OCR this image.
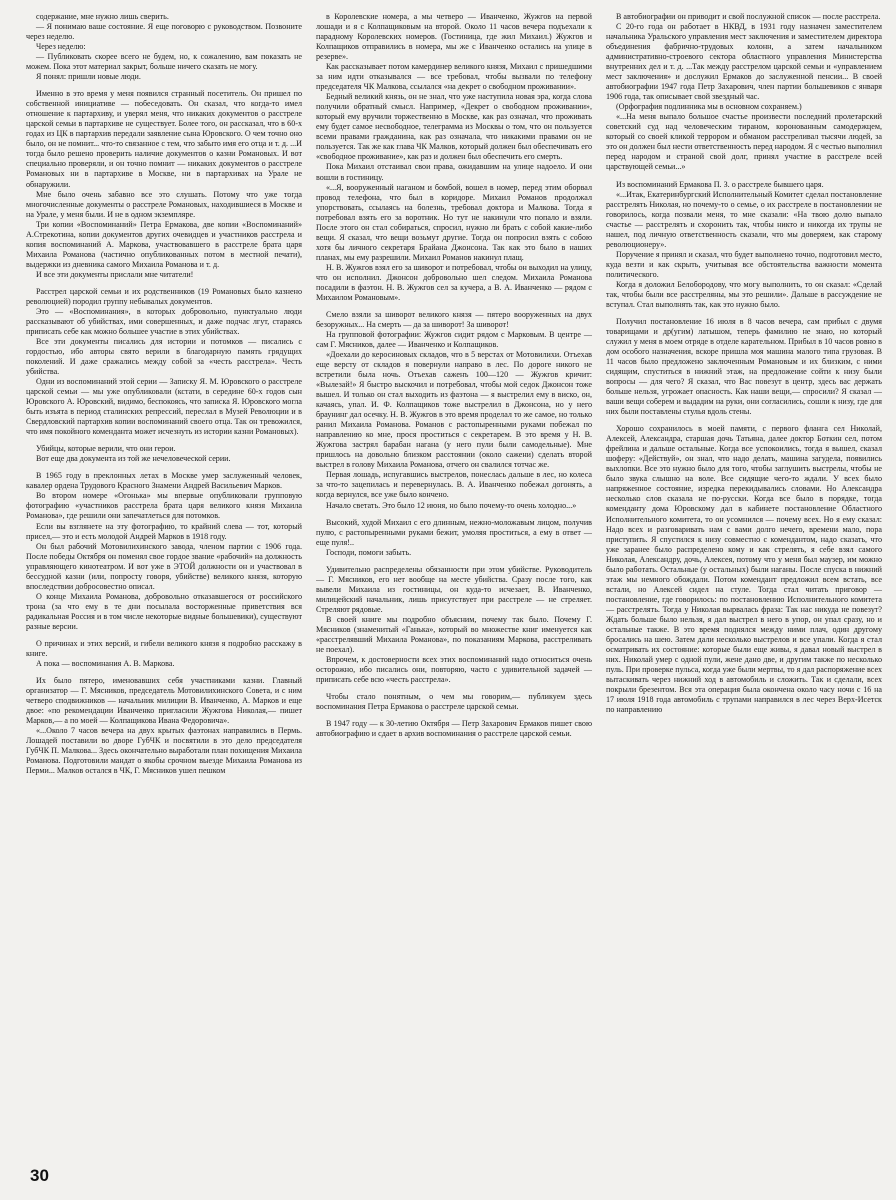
содержание, мне нужно лишь сверить.

— Я понимаю ваше состояние. Я еще поговорю с руководством. Позвоните через неделю.

Через неделю:

— Публиковать скорее всего не будем, но, к сожалению, вам показать не можем. Пока этот материал закрыт, больше ничего сказать не могу.

Я понял: пришли новые люди.

Именно в это время у меня появился странный посетитель. Он пришел по собственной инициативе — побеседовать. Он сказал, что когда-то имел отношение к партархиву, и уверял меня, что никаких документов о расстреле царской семьи в партархиве не существует. Более того, он рассказал, что в 60-х годах из ЦК в партархив передали заявление сына Юровского. О чем точно оно было, он не помнит... что-то связанное с тем, что забыто имя его отца и т. д. ...И тогда было решено проверить наличие документов о казни Романовых. И вот специально проверяли, и он точно помнит — никаких документов о расстреле Романовых ни в партархиве в Москве, ни в партархивах на Урале не обнаружили.

Мне было очень забавно все это слушать. Потому что уже тогда многочисленные документы о расстреле Романовых, находившиеся в Москве и на Урале, у меня были. И не в одном экземпляре.

Три копии «Воспоминаний» Петра Ермакова, две копии «Воспоминаний» А.Стрекотина, копии документов других очевидцев и участников расстрела и копия воспоминаний А. Маркова, участвовавшего в расстреле брата царя Михаила Романова (частично опубликованных потом в местной печати), выдержки из дневника самого Михаила Романова и т. д.

И все эти документы прислали мне читатели!

Расстрел царской семьи и их родственников (19 Романовых было казнено революцией) породил группу небывалых документов.

Это — «Воспоминания», в которых добровольно, пунктуально люди рассказывают об убийствах, ими совершенных, и даже подчас лгут, стараясь приписать себе как можно большее участие в этих убийствах.

Все эти документы писались для истории и потомков — писались с гордостью, ибо авторы свято верили в благодарную память грядущих поколений. И даже сражались между собой за «честь расстрела». Честь убийства.

Одни из воспоминаний этой серии — Записку Я. М. Юровского о расстреле царской семьи — мы уже опубликовали (кстати, в середине 60-х годов сын Юровского А. Юровский, видимо, беспокоясь, что записка Я. Юровского могла быть изъята в период сталинских репрессий, переслал в Музей Революции и в Свердловский партархив копии воспоминаний своего отца. Так он тревожился, что имя покойного коменданта может исчезнуть из истории казни Романовых).

Убийцы, которые верили, что они герои.

Вот еще два документа из той же нечеловеческой серии.

В 1965 году в преклонных летах в Москве умер заслуженный человек, кавалер ордена Трудового Красного Знамени Андрей Васильевич Марков.

Во втором номере «Огонька» мы впервые опубликовали групповую фотографию «участников расстрела брата царя великого князя Михаила Романова», где решили они запечатлеться для потомков.

Если вы взглянете на эту фотографию, то крайний слева — тот, который присел,— это и есть молодой Андрей Марков в 1918 году.

Он был рабочий Мотовилихинского завода, членом партии с 1906 года. После победы Октября он поменял свое гордое звание «рабочий» на должность управляющего кинотеатром. И вот уже в ЭТОЙ должности он и участвовал в бессудной казни (или, попросту говоря, убийстве) великого князя, которую впоследствии добросовестно описал.

О конце Михаила Романова, добровольно отказавшегося от российского трона (за что ему в те дни посылала восторженные приветствия вся радикальная Россия и в том числе некоторые видные большевики), существуют разные версии.

О причинах и этих версий, и гибели великого князя я подробно расскажу в книге.

А пока — воспоминания А. В. Маркова.

Их было пятеро, именовавших себя участниками казни. Главный организатор — Г. Мясников, председатель Мотовилихинского Совета, и с ним четверо сподвижников — начальник милиции В. Иванченко, А. Марков и еще двое: «по рекомендации Иванченко пригласили Жужгова Николая,— пишет Марков,— а по моей — Колпащикова Ивана Федоровича».

«...Около 7 часов вечера на двух крытых фаэтонах направились в Пермь. Лошадей поставили во дворе ГубЧК и посвятили в это дело председателя ГубЧК П. Малкова... Здесь окончательно выработали план похищения Михаила Романова. Подготовили мандат о якобы срочном выезде Михаила Романова из Перми... Малков остался в ЧК, Г. Мясников ушел пешком

в Королевские номера, а мы четверо — Иванченко, Жужгов на первой лошади и я с Колпащиковым на второй. Около 11 часов вечера подъехали к парадному Королевских номеров. (Гостиница, где жил Михаил.) Жужгов и Колпащиков отправились в номера, мы же с Иванченко остались на улице в резерве».

Как рассказывает потом камердинер великого князя, Михаил с пришедшими за ним идти отказывался — все требовал, чтобы вызвали по телефону председателя ЧК Малкова, ссылался «на декрет о свободном проживании».

Бедный великий князь, он не знал, что уже наступила новая эра, когда слова получили обратный смысл. Например, «Декрет о свободном проживании», который ему вручили торжественно в Москве, как раз означал, что проживать ему будет самое несвободное, телеграмма из Москвы о том, что он пользуется всеми правами гражданина, как раз означала, что никакими правами он не пользуется. Так же как глава ЧК Малков, который должен был обеспечивать его «свободное проживание», как раз и должен был обеспечить его смерть.

Пока Михаил отстаивал свои права, ожидавшим на улице надоело. И они вошли в гостиницу.

«...Я, вооруженный наганом и бомбой, вошел в номер, перед этим оборвал провод телефона, что был в коридоре. Михаил Романов продолжал упорствовать, ссылаясь на болезнь, требовал доктора и Малкова. Тогда я потребовал взять его за воротник. Но тут не накинули что попало и взяли. После этого он стал собираться, спросил, нужно ли брать с собой какие-либо вещи. Я сказал, что вещи возьмут другие. Тогда он попросил взять с собою хотя бы личного секретаря Брайана Джонсона. Так как это было в наших планах, мы ему разрешили. Михаил Романов накинул плащ.

Н. В. Жужгов взял его за шиворот и потребовал, чтобы он выходил на улицу, что он исполнил. Джонсон добровольно шел следом. Михаила Романова посадили в фаэтон. Н. В. Жужгов сел за кучера, а В. А. Иванченко — рядом с Михаилом Романовым».

Смело взяли за шиворот великого князя — пятеро вооруженных на двух безоружных... На смерть — да за шиворот! За шиворот!

На групповой фотографии: Жужгов сидит рядом с Марковым. В центре — сам Г. Мясников, далее — Иванченко и Колпащиков.

«Доехали до керосиновых складов, что в 5 верстах от Мотовилихи. Отъехав еще версту от складов я повернули направо в лес. По дороге никого не встретили была ночь. Отъехав саженъ 100—120 — Жужгов кричит: «Вылезай!» Я быстро выскочил и потребовал, чтобы мой седок Джонсон тоже вышел. И только он стал выходить из фаэтона — я выстрелил ему в виско, он, качаясь, упал. И. Ф. Колпащиков тоже выстрелил в Джонсона, но у него браунинг дал осечку. Н. В. Жужгов в это время проделал то же самое, но только ранил Михаила Романова. Романов с растопыренными руками побежал по направлению ко мне, прося проститься с секретарем. В это время у Н. В. Жужгова застрял барабан нагана (у него пули были самодельные). Мне пришлось на довольно близком расстоянии (около сажени) сделать второй выстрел в голову Михаила Романова, отчего он свалился тотчас же.

Первая лошадь, испугавшись выстрелов, понеслась дальше в лес, но колеса за что-то зацепилась и перевернулась. В. А. Иванченко побежал догонять, а когда вернулся, все уже было кончено.

Начало светать. Это было 12 июня, но было почему-то очень холодно...»

Высокий, худой Михаил с его длинным, нежно-моложавым лицом, получив пулю, с растопыренными руками бежит, умоляя проститься, а ему в ответ — еще пуля!..

Господи, помоги забыть.

Удивительно распределены обязанности при этом убийстве. Руководитель — Г. Мясников, его нет вообще на месте убийства. Сразу после того, как вывели Михаила из гостиницы, он куда-то исчезает, В. Иванченко, милицейский начальник, лишь присутствует при расстреле — не стреляет. Стреляют рядовые.

В своей книге мы подробно объясним, почему так было. Почему Г. Мясников (знаменитый «Ганька», который во множестве книг именуется как «расстрелявший Михаила Романова», по показаниям Маркова, расстреливать не поехал).

Впрочем, к достоверности всех этих воспоминаний надо относиться очень осторожно, ибо писались они, повторяю, часто с удивительной задачей — приписать себе всю «честь расстрела».

Чтобы стало понятным, о чем мы говорим,— публикуем здесь воспоминания Петра Ермакова о расстреле царской семьи.

В 1947 году — к 30-летию Октября — Петр Захарович Ермаков пишет свою автобиографию и сдает в архив воспоминания о расстреле царской семьи.

В автобиографии он приводит и свой послужной список — после расстрела.

С 20-го года он работает в НКВД, в 1931 году назначен заместителем начальника Уральского управления мест заключения и заместителем директора объединения фабрично-трудовых колонн, а затем начальником административно-строевого сектора областного управления Министерства внутренних дел и т. д. ...Так между расстрелом царской семьи и «управлением мест заключения» и дослужил Ермаков до заслуженной пенсии... В своей автобиографии 1947 года Петр Захарович, член партии большевиков с января 1906 года, так описывает свой звездный час.

(Орфография подлинника мы в основном сохраняем.)

«...На меня выпало большое счастье произвести последний пролетарский советский суд над человеческим тираном, коронованным самодержцем, который со своей кликой террором и обманом расстреливал тысячи людей, за это он должен был нести ответственность перед народом. Я с честью выполнил перед народом и страной свой долг, принял участие в расстреле всей царствующей семьи...»

Из воспоминаний Ермакова П. З. о расстреле бывшего царя.

«...Итак, Екатеринбургский Исполнительный Комитет сделал постановление расстрелять Николая, но почему-то о семье, о их расстреле в постановлении не говорилось, когда позвали меня, то мне сказали: «На твою долю выпало счастье — расстрелять и схоронить так, чтобы никто и никогда их трупы не нашел, под личную ответственность сказали, что мы доверяем, как старому революционеру».

Поручение я принял и сказал, что будет выполнено точно, подготовил место, куда везти и как скрыть, учитывая все обстоятельства важности момента политического.

Когда я доложил Белобородову, что могу выполнить, то он сказал: «Сделай так, чтобы были все расстреляны, мы это решили». Дальше в рассуждение не вступал. Стал выполнять так, как это нужно было.

Получил постановление 16 июля в 8 часов вечера, сам прибыл с двумя товарищами и др(угим) латышом, теперь фамилию не знаю, но который служил у меня в моем отряде в отделе карательном. Прибыл в 10 часов ровно в дом особого назначения, вскоре пришла моя машина малого типа грузовая. В 11 часов было предложено заключенным Романовым и их близким, с ними сидящим, спуститься в нижний этаж, на предложение сойти к низу были вопросы — для чего? Я сказал, что Вас повезут в центр, здесь вас держать больше нельзя, угрожает опасность. Как наши вещи,— спросили? Я сказал — ваши вещи соберем и выдадим на руки, они согласились, сошли к низу, где для них были поставлены стулья вдоль стены.

Хорошо сохранилось в моей памяти, с первого фланга сел Николай, Алексей, Александра, старшая дочь Татьяна, далее доктор Боткин сел, потом фрейлина и дальше остальные. Когда все успокоились, тогда я вышел, сказал шоферу: «Действуй», он знал, что надо делать, машина загудела, появились выхлопки. Все это нужно было для того, чтобы заглушить выстрелы, чтобы не было звука слышно на воле. Все сидящие чего-то ждали. У всех было напряженное состояние, изредка перекидывались словами. Но Александра несколько слов сказала не по-русски. Когда все было в порядке, тогда коменданту дома Юровскому дал в кабинете постановление Областного Исполнительного комитета, то он усомнился — почему всех. Но я ему сказал: Надо всех и разговаривать нам с вами долго нечего, времени мало, пора приступить. Я спустился к низу совместно с комендантом, надо сказать, что уже заранее было распределено кому и как стрелять, я себе взял самого Николая, Александру, дочь, Алексея, потому что у меня был маузер, им можно было работать. Остальные (у остальных) были наганы. После спуска в нижний этаж мы немного обождали. Потом комендант предложил всем встать, все встали, но Алексей сидел на стуле. Тогда стал читать приговор — постановление, где говорилось: по постановлению Исполнительного комитета — расстрелять. Тогда у Николая вырвалась фраза: Так нас никуда не повезут? Ждать больше было нельзя, я дал выстрел в него в упор, он упал сразу, но и остальные также. В это время поднялся между ними плач, один другому бросались на шею. Затем дали несколько выстрелов и все упали. Когда я стал осматривать их состояние: которые были еще живы, я давал новый выстрел в них. Николай умер с одной пули, жене дано две, и другим также по несколько пуль. При проверке пульса, когда уже были мертвы, то я дал распоряжение всех вытаскивать через нижний ход в автомобиль и сложить. Так и сделали, всех покрыли брезентом. Вся эта операция была окончена около часу ночи с 16 на 17 июля 1918 года автомобиль с трупами направился в лес через Верх-Исетск по направлению

30
